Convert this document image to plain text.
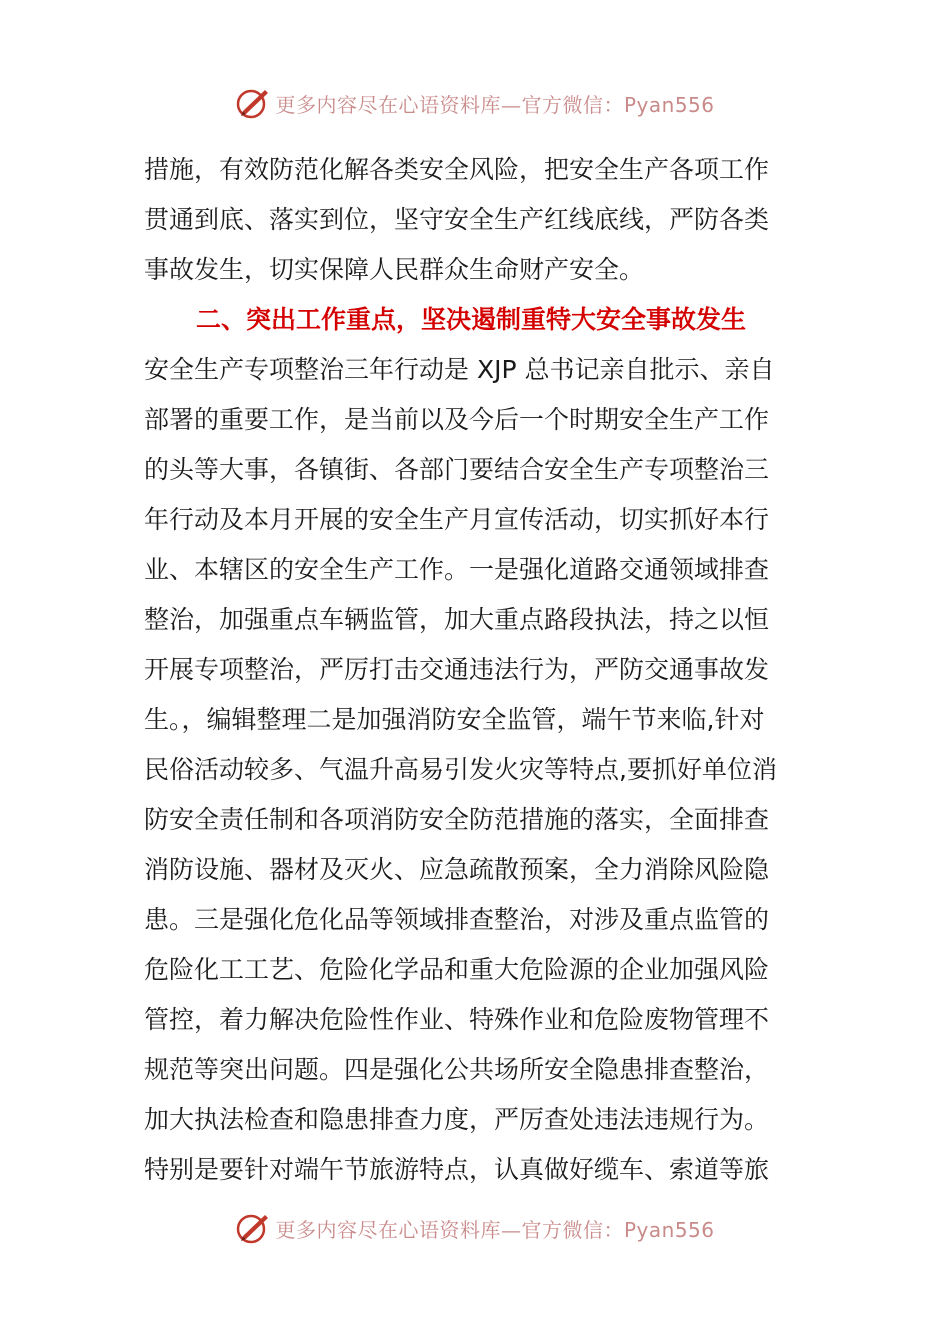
更多内容尽在心语资料库—官方微信：Pyan556
措施，有效防范化解各类安全风险，把安全生产各项工作
贯通到底、落实到位，坚守安全生产红线底线，严防各类
事故发生，切实保障人民群众生命财产安全。
二、突出工作重点，坚决遏制重特大安全事故发生
安全生产专项整治三年行动是 XJP 总书记亲自批示、亲自
部署的重要工作，是当前以及今后一个时期安全生产工作
的头等大事，各镇街、各部门要结合安全生产专项整治三
年行动及本月开展的安全生产月宣传活动，切实抓好本行
业、本辖区的安全生产工作。一是强化道路交通领域排查
整治，加强重点车辆监管，加大重点路段执法，持之以恒
开展专项整治，严厉打击交通违法行为，严防交通事故发
生。，编辑整理二是加强消防安全监管，端午节来临,针对
民俗活动较多、气温升高易引发火灾等特点,要抓好单位消
防安全责任制和各项消防安全防范措施的落实，全面排查
消防设施、器材及灭火、应急疏散预案，全力消除风险隐
患。三是强化危化品等领域排查整治，对涉及重点监管的
危险化工工艺、危险化学品和重大危险源的企业加强风险
管控，着力解决危险性作业、特殊作业和危险废物管理不
规范等突出问题。四是强化公共场所安全隐患排查整治，
加大执法检查和隐患排查力度，严厉查处违法违规行为。
特别是要针对端午节旅游特点，认真做好缆车、索道等旅
更多内容尽在心语资料库—官方微信：Pyan556
